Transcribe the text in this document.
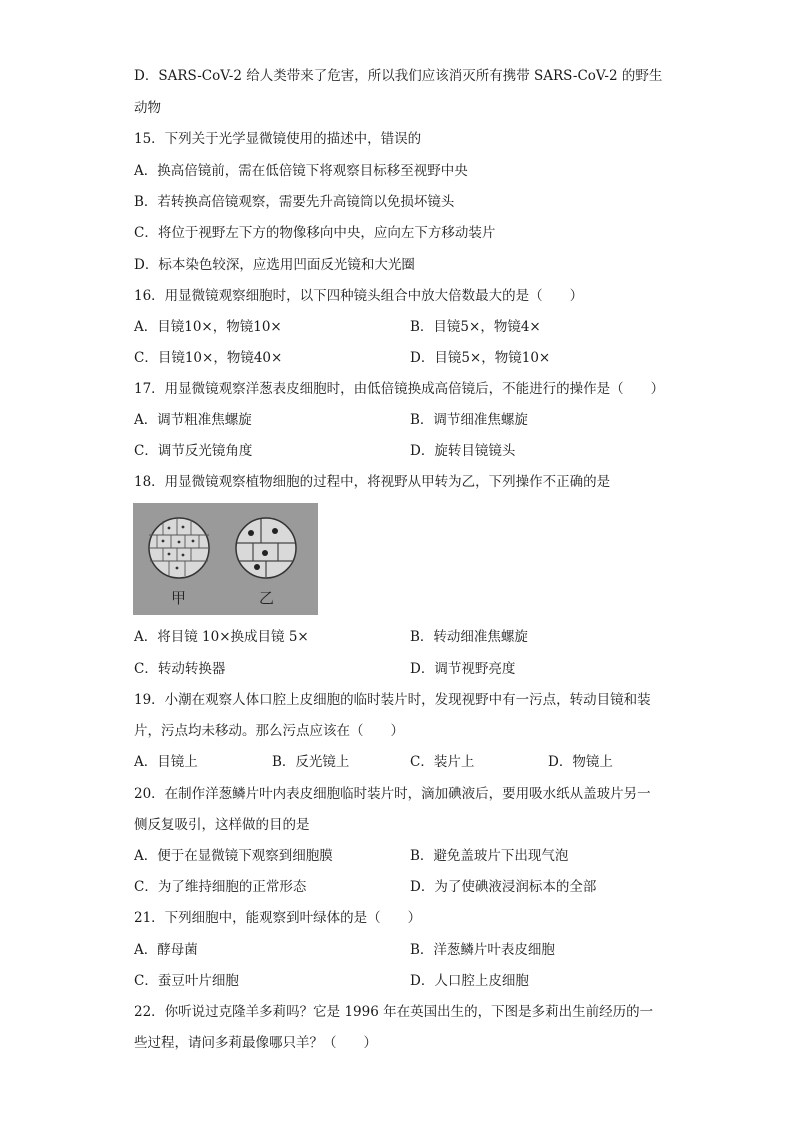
D．SARS-CoV-2 给人类带来了危害，所以我们应该消灭所有携带 SARS-CoV-2 的野生
动物
15．下列关于光学显微镜使用的描述中，错误的
A．换高倍镜前，需在低倍镜下将观察目标移至视野中央
B．若转换高倍镜观察，需要先升高镜筒以免损坏镜头
C．将位于视野左下方的物像移向中央，应向左下方移动装片
D．标本染色较深，应选用凹面反光镜和大光圈
16．用显微镜观察细胞时，以下四种镜头组合中放大倍数最大的是（　　）
A．目镜10×，物镜10×	B．目镜5×，物镜4×
C．目镜10×，物镜40×	D．目镜5×，物镜10×
17．用显微镜观察洋葱表皮细胞时，由低倍镜换成高倍镜后，不能进行的操作是（　　）
A．调节粗准焦螺旋	B．调节细准焦螺旋
C．调节反光镜角度	D．旋转目镜镜头
18．用显微镜观察植物细胞的过程中，将视野从甲转为乙，下列操作不正确的是
甲	乙
A．将目镜 10×换成目镜 5×	B．转动细准焦螺旋
C．转动转换器	D．调节视野亮度
19．小潮在观察人体口腔上皮细胞的临时装片时，发现视野中有一污点，转动目镜和装
片，污点均未移动。那么污点应该在（　　）
A．目镜上	B．反光镜上	C．装片上	D．物镜上
20．在制作洋葱鳞片叶内表皮细胞临时装片时，滴加碘液后，要用吸水纸从盖玻片另一
侧反复吸引，这样做的目的是
A．便于在显微镜下观察到细胞膜	B．避免盖玻片下出现气泡
C．为了维持细胞的正常形态	D．为了使碘液浸润标本的全部
21．下列细胞中，能观察到叶绿体的是（　　）
A．酵母菌	B．洋葱鳞片叶表皮细胞
C．蚕豆叶片细胞	D．人口腔上皮细胞
22．你听说过克隆羊多莉吗？它是 1996 年在英国出生的，下图是多莉出生前经历的一
些过程，请问多莉最像哪只羊？（　　）
